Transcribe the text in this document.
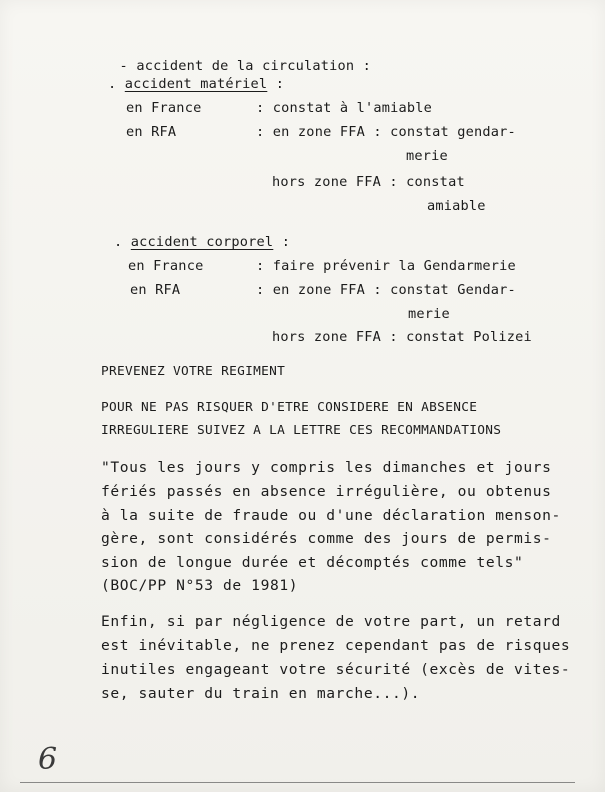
- accident de la circulation :

. accident matériel :
en France	: constat à l'amiable
en RFA	: en zone FFA : constat gendar-
merie
hors zone FFA : constat
amiable
. accident corporel :
en France	: faire prévenir la Gendarmerie
en RFA	: en zone FFA : constat Gendar-
merie
hors zone FFA : constat Polizei
PREVENEZ VOTRE REGIMENT
POUR NE PAS RISQUER D'ETRE CONSIDERE EN ABSENCE
IRREGULIERE SUIVEZ A LA LETTRE CES RECOMMANDATIONS
"Tous les jours y compris les dimanches et jours
fériés passés en absence irrégulière, ou obtenus
à la suite de fraude ou d'une déclaration menson-
gère, sont considérés comme des jours de permis-
sion de longue durée et décomptés comme tels"
(BOC/PP N°53 de 1981)
Enfin, si par négligence de votre part, un retard
est inévitable, ne prenez cependant pas de risques
inutiles engageant votre sécurité (excès de vites-
se, sauter du train en marche...).
6
